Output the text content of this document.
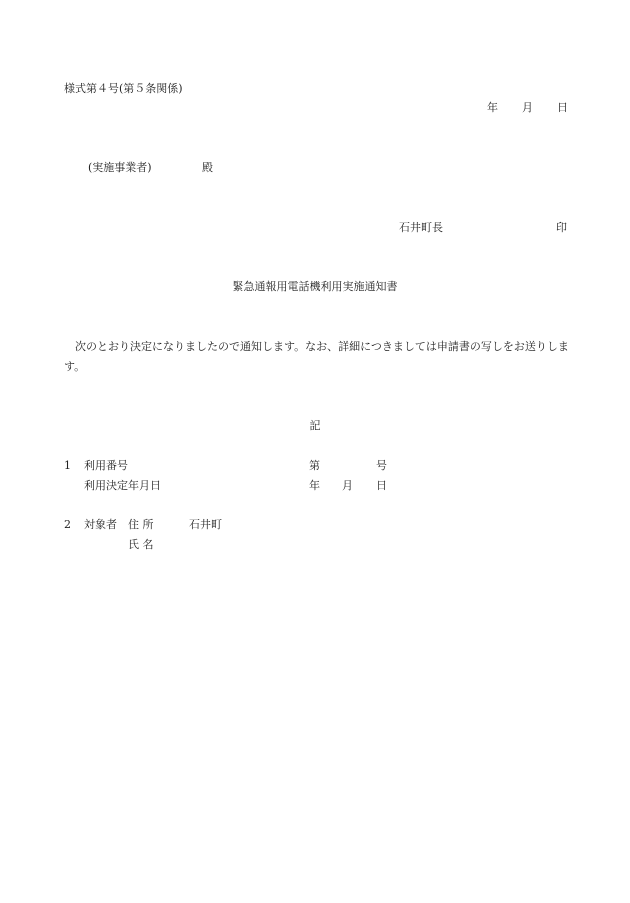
様式第４号(第５条関係)
年 月 日
(実施事業者)	殿
石井町長	印
緊急通報用電話機利用実施通知書
次のとおり決定になりましたので通知します。なお、詳細につきましては申請書の写しをお送りします。
記
1 利用番号	第	号
利用決定年月日	年 月 日
2 対象者 住 所	石井町
氏 名
